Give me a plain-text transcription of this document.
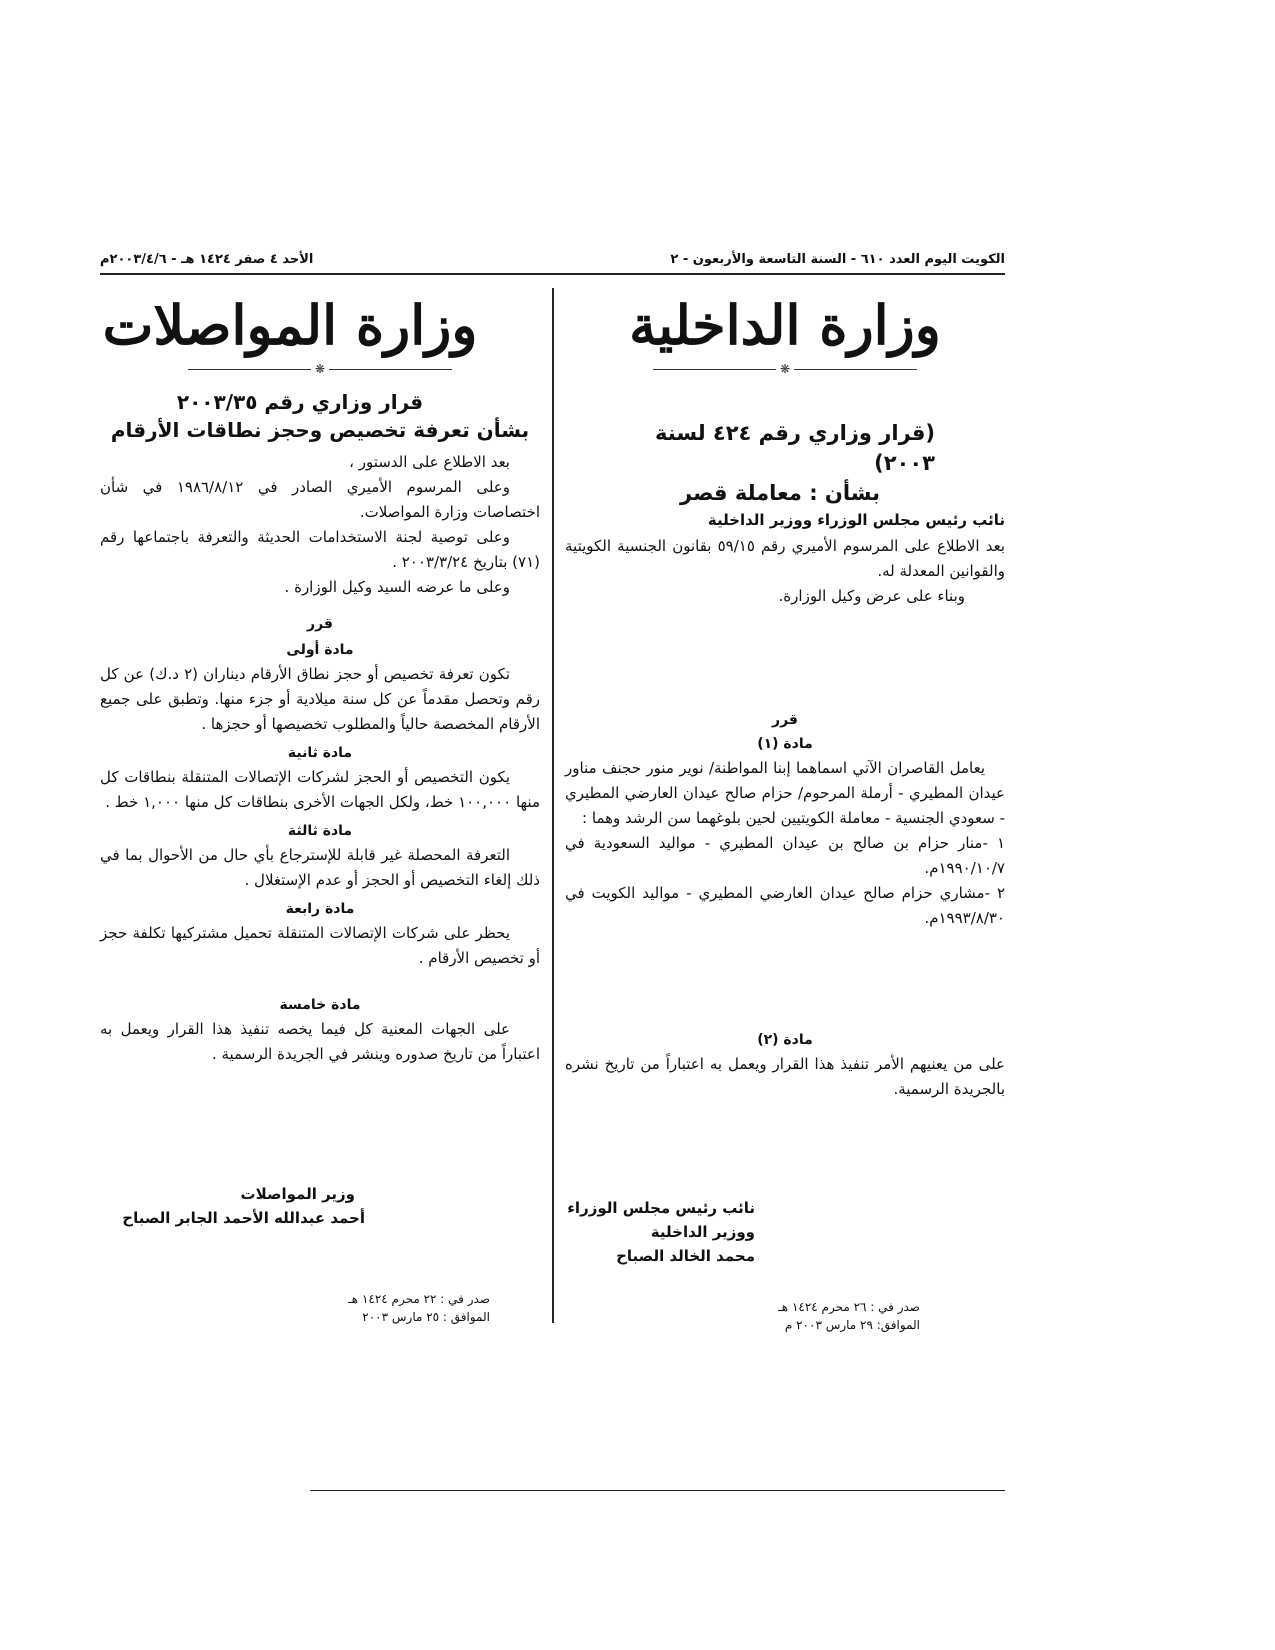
الكويت اليوم العدد ٦١٠ - السنة التاسعة والأربعون - ٢
الأحد ٤ صفر ١٤٢٤ هـ - ٢٠٠٣/٤/٦م
وزارة الداخلية
❋
(قرار وزاري رقم ٤٢٤ لسنة ٢٠٠٣)
بشأن : معاملة قصر
نائب رئيس مجلس الوزراء ووزير الداخلية
بعد الاطلاع على المرسوم الأميري رقم ٥٩/١٥ بقانون الجنسية الكويتية والقوانين المعدلة له.
وبناء على عرض وكيل الوزارة.
قرر
مادة (١)
يعامل القاصران الآتي اسماهما إبنا المواطنة/ نوير منور حجنف مناور عيدان المطيري - أرملة المرحوم/ حزام صالح عيدان العارضي المطيري - سعودي الجنسية - معاملة الكويتيين لحين بلوغهما سن الرشد وهما :
١ -منار حزام بن صالح بن عيدان المطيري - مواليد السعودية في ١٩٩٠/١٠/٧م.
٢ -مشاري حزام صالح عيدان العارضي المطيري - مواليد الكويت في ١٩٩٣/٨/٣٠م.
مادة (٢)
على من يعنيهم الأمر تنفيذ هذا القرار ويعمل به اعتباراً من تاريخ نشره بالجريدة الرسمية.
نائب رئيس مجلس الوزراء
ووزير الداخلية
محمد الخالد الصباح
صدر في : ٢٦ محرم ١٤٢٤ هـ
الموافق: ٢٩ مارس ٢٠٠٣ م
وزارة المواصلات
❋
قرار وزاري رقم ٢٠٠٣/٣٥
بشأن تعرفة تخصيص وحجز نطاقات الأرقام
بعد الاطلاع على الدستور ،
وعلى المرسوم الأميري الصادر في ١٩٨٦/٨/١٢ في شأن اختصاصات وزارة المواصلات.
وعلى توصية لجنة الاستخدامات الحديثة والتعرفة باجتماعها رقم (٧١) بتاريخ ٢٠٠٣/٣/٢٤ .
وعلى ما عرضه السيد وكيل الوزارة .
قرر
مادة أولى
تكون تعرفة تخصيص أو حجز نطاق الأرقام ديناران (٢ د.ك) عن كل رقم وتحصل مقدماً عن كل سنة ميلادية أو جزء منها. وتطبق على جميع الأرقام المخصصة حالياً والمطلوب تخصيصها أو حجزها .
مادة ثانية
يكون التخصيص أو الحجز لشركات الإتصالات المتنقلة بنطاقات كل منها ١٠٠,٠٠٠ خط، ولكل الجهات الأخرى بنطاقات كل منها ١,٠٠٠ خط .
مادة ثالثة
التعرفة المحصلة غير قابلة للإسترجاع بأي حال من الأحوال بما في ذلك إلغاء التخصيص أو الحجز أو عدم الإستغلال .
مادة رابعة
يحظر على شركات الإتصالات المتنقلة تحميل مشتركيها تكلفة حجز أو تخصيص الأرقام .
مادة خامسة
على الجهات المعنية كل فيما يخصه تنفيذ هذا القرار ويعمل به اعتباراً من تاريخ صدوره وينشر في الجريدة الرسمية .
وزير المواصلات
أحمد عبدالله الأحمد الجابر الصباح
صدر في : ٢٢ محرم ١٤٢٤ هـ
الموافق : ٢٥ مارس ٢٠٠٣
